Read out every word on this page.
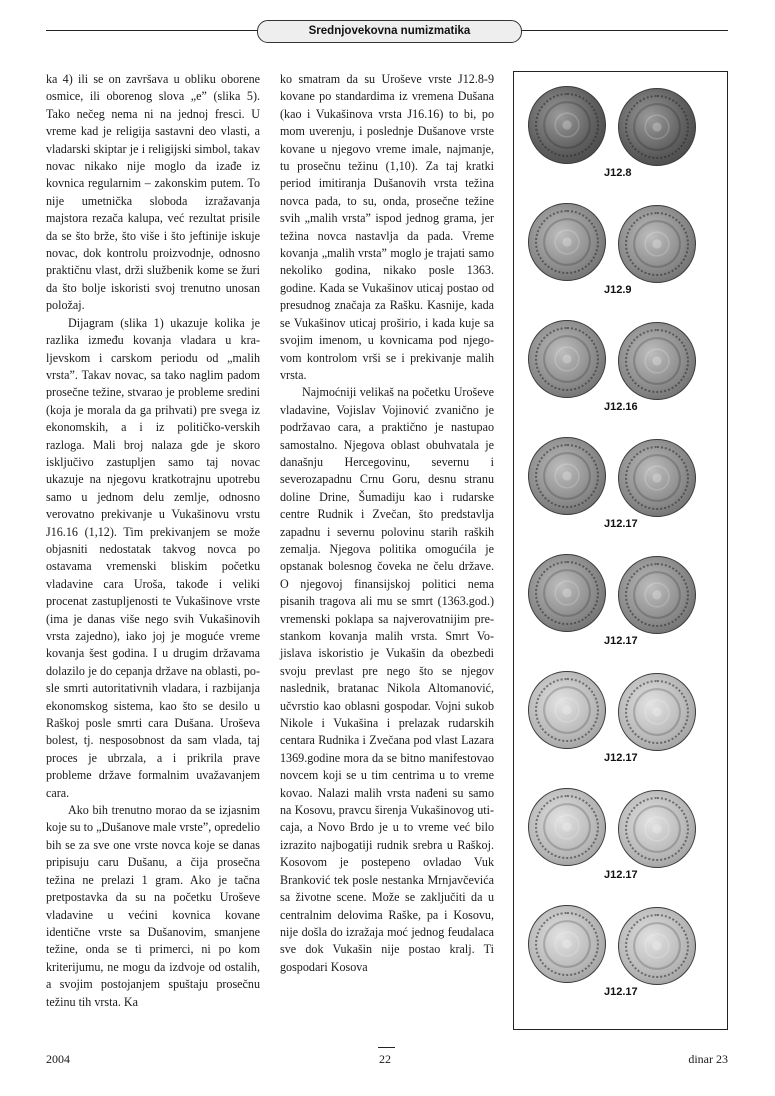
Srednjovekovna numizmatika

ka 4) ili se on završava u obliku oborene osmice, ili oborenog slova „e” (slika 5). Tako nečeg nema ni na jednoj fresci. U vreme kad je religija sastavni deo vlasti, a vladarski skiptar je i religijski simbol, takav novac nikako nije moglo da izađe iz kovnica regularnim – zakonskim putem. To nije umetnička sloboda izražavanja majstora rezača kalupa, već rezultat prisile da se što brže, što više i što jeftinije iskuje novac, dok kontrolu proizvodnje, odnosno praktičnu vlast, drži službenik kome se žuri da što bolje iskoristi svoj trenutno unosan položaj.

Dijagram (slika 1) ukazuje kolika je razlika između kovanja vladara u kraljevskom i carskom periodu od „malih vrsta”. Takav novac, sa tako naglim padom prosečne težine, stvarao je probleme sredini (koja je morala da ga prihvati) pre svega iz ekonomskih, a i iz političko-verskih razloga. Mali broj nalaza gde je skoro isključivo zastupljen samo taj novac ukazuje na njegovu kratkotrajnu upotrebu samo u jednom delu zemlje, odnosno verovatno prekivanje u Vukašinovu vrstu J16.16 (1,12). Tim prekivanjem se može objasniti nedostatak takvog novca po ostavama vremenski bliskim početku vladavine cara Uroša, takođe i veliki procenat zastupljenosti te Vukašinove vrste (ima je danas više nego svih Vukašinovih vrsta zajedno), iako joj je moguće vreme kovanja šest godina. I u drugim državama dolazilo je do cepanja države na oblasti, posle smrti autoritativnih vladara, i razbijanja ekonomskog sistema, kao što se desilo u Raškoj posle smrti cara Dušana. Uroševa bolest, tj. nesposobnost da sam vlada, taj proces je ubrzala, a i prikrila prave probleme države formalnim uvažavanjem cara.

Ako bih trenutno morao da se izjasnim koje su to „Dušanove male vrste”, opredelio bih se za sve one vrste novca koje se danas pripisuju caru Dušanu, a čija prosečna težina ne prelazi 1 gram. Ako je tačna pretpostavka da su na početku Uroševe vladavine u većini kovnica kovane identične vrste sa Dušanovim, smanjene težine, onda se ti primerci, ni po kom kriterijumu, ne mogu da izdvoje od ostalih, a svojim postojanjem spuštaju prosečnu težinu tih vrsta. Ka

ko smatram da su Uroševe vrste J12.8-9 kovane po standardima iz vremena Dušana (kao i Vukašinova vrsta J16.16) to bi, po mom uverenju, i poslednje Dušanove vrste kovane u njegovo vreme imale, najmanje, tu prosečnu težinu (1,10). Za taj kratki period imitiranja Dušanovih vrsta težina novca pada, to su, onda, prosečne težine svih „malih vrsta” ispod jednog grama, jer težina novca nastavlja da pada. Vreme kovanja „malih vrsta” moglo je trajati samo nekoliko godina, nikako posle 1363. godine. Kada se Vukašinov uticaj postao od presudnog značaja za Rašku. Kasnije, kada se Vukašinov uticaj proširio, i kada kuje sa svojim imenom, u kovnicama pod njegovom kontrolom vrši se i prekivanje malih vrsta.

Najmoćniji velikaš na početku Uroševe vladavine, Vojislav Vojinović zvanično je podržavao cara, a praktično je nastupao samostalno. Njegova oblast obuhvatala je današnju Hercegovinu, severnu i severozapadnu Crnu Goru, desnu stranu doline Drine, Šumadiju kao i rudarske centre Rudnik i Zvečan, što predstavlja zapadnu i severnu polovinu starih raških zemalja. Njegova politika omogućila je opstanak bolesnog čoveka ne čelu države. O njegovoj finansijskoj politici nema pisanih tragova ali mu se smrt (1363.god.) vremenski poklapa sa najverovatnijim prestankom kovanja malih vrsta. Smrt Vojislava iskoristio je Vukašin da obezbedi svoju prevlast pre nego što se njegov naslednik, bratanac Nikola Altomanović, učvrstio kao oblasni gospodar. Vojni sukob Nikole i Vukašina i prelazak rudarskih centara Rudnika i Zvečana pod vlast Lazara 1369.godine mora da se bitno manifestovao novcem koji se u tim centrima u to vreme kovao. Nalazi malih vrsta nađeni su samo na Kosovu, pravcu širenja Vukašinovog uticaja, a Novo Brdo je u to vreme već bilo izrazito najbogatiji rudnik srebra u Raškoj. Kosovom je postepeno ovladao Vuk Branković tek posle nestanka Mrnjavčevića sa životne scene. Može se zaključiti da u centralnim delovima Raške, pa i Kosovu, nije došla do izražaja moć jednog feudalaca sve dok Vukašin nije postao kralj. Ti gospodari Kosova

J12.8
J12.9
J12.16
J12.17
J12.17
J12.17
J12.17
J12.17
2004	22	dinar 23
